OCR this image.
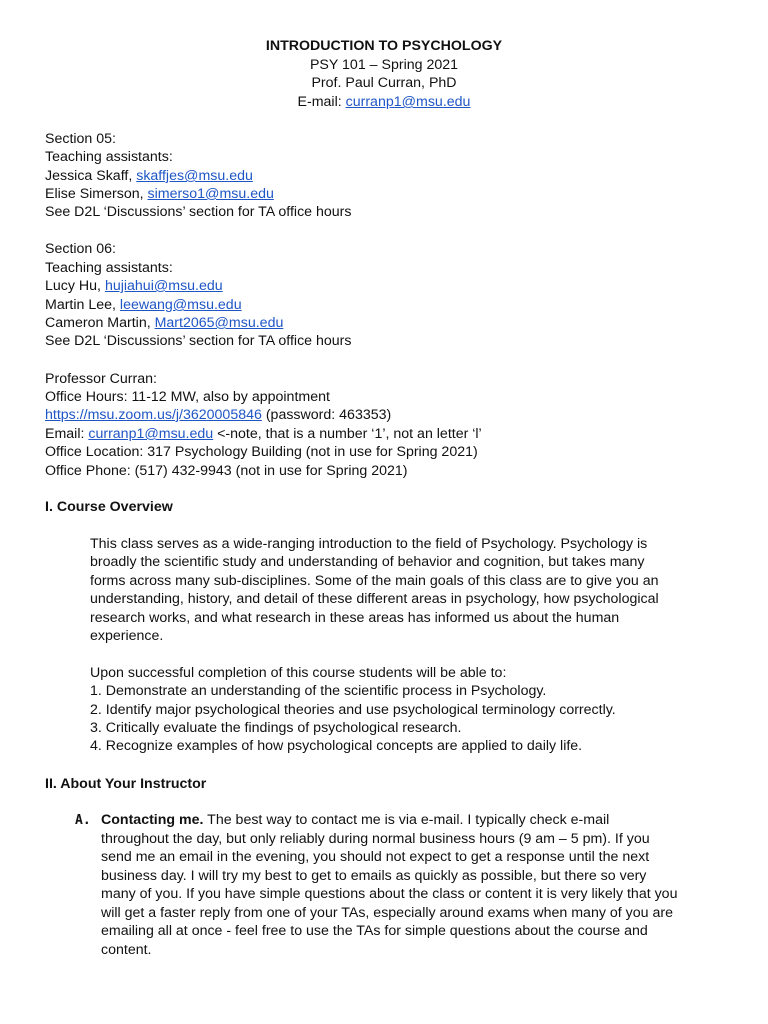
INTRODUCTION TO PSYCHOLOGY
PSY 101 – Spring 2021
Prof. Paul Curran, PhD
E-mail: curranp1@msu.edu
Section 05:
Teaching assistants:
Jessica Skaff, skaffjes@msu.edu
Elise Simerson, simerso1@msu.edu
See D2L ‘Discussions’ section for TA office hours
Section 06:
Teaching assistants:
Lucy Hu, hujiahui@msu.edu
Martin Lee, leewang@msu.edu
Cameron Martin, Mart2065@msu.edu
See D2L ‘Discussions’ section for TA office hours
Professor Curran:
Office Hours: 11-12 MW, also by appointment
https://msu.zoom.us/j/3620005846 (password: 463353)
Email: curranp1@msu.edu <-note, that is a number ‘1’, not an letter ‘l’
Office Location: 317 Psychology Building (not in use for Spring 2021)
Office Phone: (517) 432-9943 (not in use for Spring 2021)
I. Course Overview
This class serves as a wide-ranging introduction to the field of Psychology. Psychology is
broadly the scientific study and understanding of behavior and cognition, but takes many
forms across many sub-disciplines. Some of the main goals of this class are to give you an
understanding, history, and detail of these different areas in psychology, how psychological
research works, and what research in these areas has informed us about the human
experience.
Upon successful completion of this course students will be able to:
1. Demonstrate an understanding of the scientific process in Psychology.
2. Identify major psychological theories and use psychological terminology correctly.
3. Critically evaluate the findings of psychological research.
4. Recognize examples of how psychological concepts are applied to daily life.
II. About Your Instructor
A. Contacting me. The best way to contact me is via e-mail. I typically check e-mail
throughout the day, but only reliably during normal business hours (9 am – 5 pm). If you
send me an email in the evening, you should not expect to get a response until the next
business day. I will try my best to get to emails as quickly as possible, but there so very
many of you. If you have simple questions about the class or content it is very likely that you
will get a faster reply from one of your TAs, especially around exams when many of you are
emailing all at once - feel free to use the TAs for simple questions about the course and
content.
